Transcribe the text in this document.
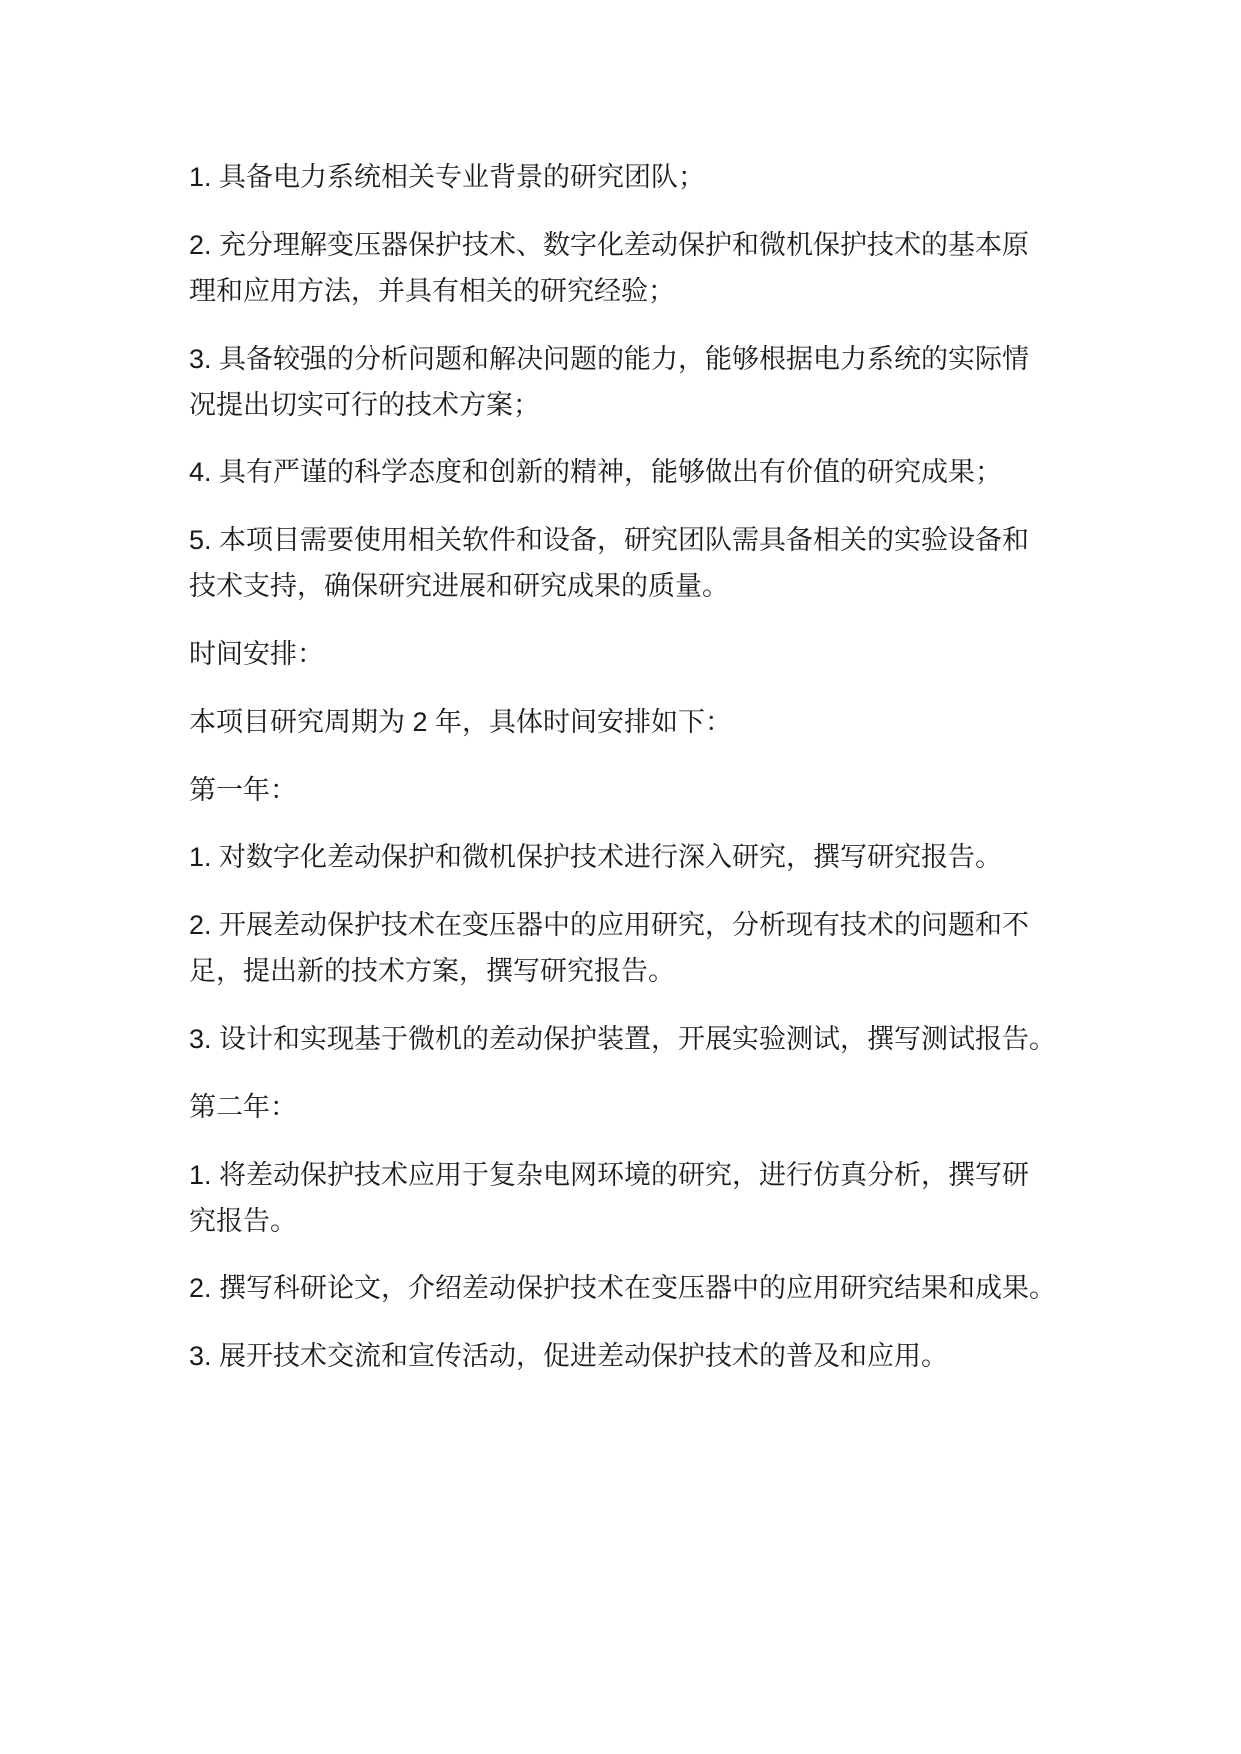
1. 具备电力系统相关专业背景的研究团队；
2. 充分理解变压器保护技术、数字化差动保护和微机保护技术的基本原
理和应用方法，并具有相关的研究经验；
3. 具备较强的分析问题和解决问题的能力，能够根据电力系统的实际情
况提出切实可行的技术方案；
4. 具有严谨的科学态度和创新的精神，能够做出有价值的研究成果；
5. 本项目需要使用相关软件和设备，研究团队需具备相关的实验设备和
技术支持，确保研究进展和研究成果的质量。
时间安排：
本项目研究周期为 2 年，具体时间安排如下：
第一年：
1. 对数字化差动保护和微机保护技术进行深入研究，撰写研究报告。
2. 开展差动保护技术在变压器中的应用研究，分析现有技术的问题和不
足，提出新的技术方案，撰写研究报告。
3. 设计和实现基于微机的差动保护装置，开展实验测试，撰写测试报告。
第二年：
1. 将差动保护技术应用于复杂电网环境的研究，进行仿真分析，撰写研
究报告。
2. 撰写科研论文，介绍差动保护技术在变压器中的应用研究结果和成果。
3. 展开技术交流和宣传活动，促进差动保护技术的普及和应用。
